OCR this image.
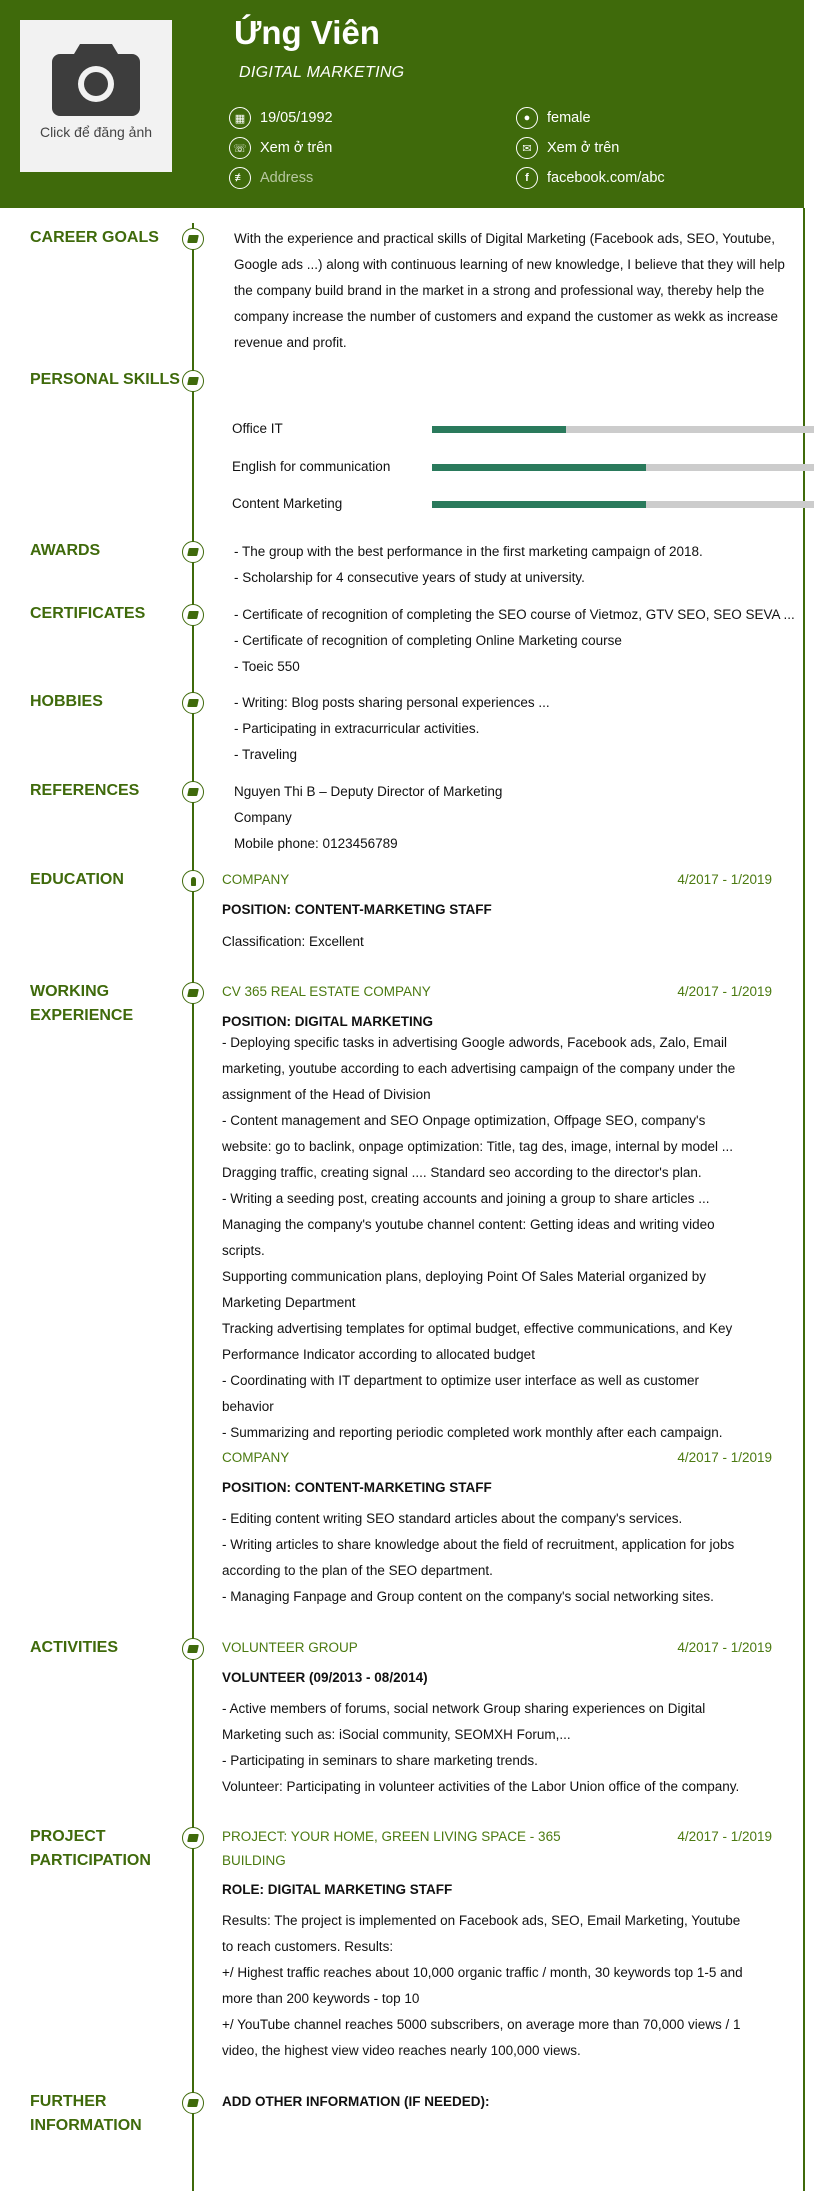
Click để đăng ảnh
Ứng Viên
DIGITAL MARKETING
▦	19/05/1992
☏ Xem ở trên
≢	Address
●	female
✉	Xem ở trên
f	facebook.com/abc
CAREER GOALS	With the experience and practical skills of Digital Marketing (Facebook ads, SEO, Youtube,

Google ads ...) along with continuous learning of new knowledge, I believe that they will help

the company build brand in the market in a strong and professional way, thereby help the

company increase the number of customers and expand the customer as wekk as increase

revenue and profit.

PERSONAL SKILLS
Office IT
English for communication
Content Marketing
AWARDS	- The group with the best performance in the first marketing campaign of 2018.

- Scholarship for 4 consecutive years of study at university.

CERTIFICATES	- Certificate of recognition of completing the SEO course of Vietmoz, GTV SEO, SEO SEVA ...

- Certificate of recognition of completing Online Marketing course

- Toeic 550

HOBBIES	- Writing: Blog posts sharing personal experiences ...

- Participating in extracurricular activities.

- Traveling

REFERENCES	Nguyen Thi B – Deputy Director of Marketing

Company

Mobile phone: 0123456789

EDUCATION	COMPANY	4/2017 - 1/2019
POSITION: CONTENT-MARKETING STAFF

Classification: Excellent

WORKING EXPERIENCE
CV 365 REAL ESTATE COMPANY	4/2017 - 1/2019
POSITION: DIGITAL MARKETING

- Deploying specific tasks in advertising Google adwords, Facebook ads, Zalo, Email

marketing, youtube according to each advertising campaign of the company under the

assignment of the Head of Division

- Content management and SEO Onpage optimization, Offpage SEO, company's

website: go to baclink, onpage optimization: Title, tag des, image, internal by model ...

Dragging traffic, creating signal .... Standard seo according to the director's plan.

- Writing a seeding post, creating accounts and joining a group to share articles ...

Managing the company's youtube channel content: Getting ideas and writing video

scripts.

Supporting communication plans, deploying Point Of Sales Material organized by

Marketing Department

Tracking advertising templates for optimal budget, effective communications, and Key

Performance Indicator according to allocated budget

- Coordinating with IT department to optimize user interface as well as customer

behavior

- Summarizing and reporting periodic completed work monthly after each campaign.

COMPANY	4/2017 - 1/2019
POSITION: CONTENT-MARKETING STAFF

- Editing content writing SEO standard articles about the company's services.

- Writing articles to share knowledge about the field of recruitment, application for jobs

according to the plan of the SEO department.

- Managing Fanpage and Group content on the company's social networking sites.

ACTIVITIES	VOLUNTEER GROUP	4/2017 - 1/2019
VOLUNTEER (09/2013 - 08/2014)

- Active members of forums, social network Group sharing experiences on Digital

Marketing such as: iSocial community, SEOMXH Forum,...

- Participating in seminars to share marketing trends.

Volunteer: Participating in volunteer activities of the Labor Union office of the company.

PROJECT PARTICIPATION
PROJECT: YOUR HOME, GREEN LIVING SPACE - 365
BUILDING
4/2017 - 1/2019
ROLE: DIGITAL MARKETING STAFF

Results: The project is implemented on Facebook ads, SEO, Email Marketing, Youtube

to reach customers. Results:

+/ Highest traffic reaches about 10,000 organic traffic / month, 30 keywords top 1-5 and

more than 200 keywords - top 10

+/ YouTube channel reaches 5000 subscribers, on average more than 70,000 views / 1

video, the highest view video reaches nearly 100,000 views.

FURTHER INFORMATION
ADD OTHER INFORMATION (IF NEEDED):
